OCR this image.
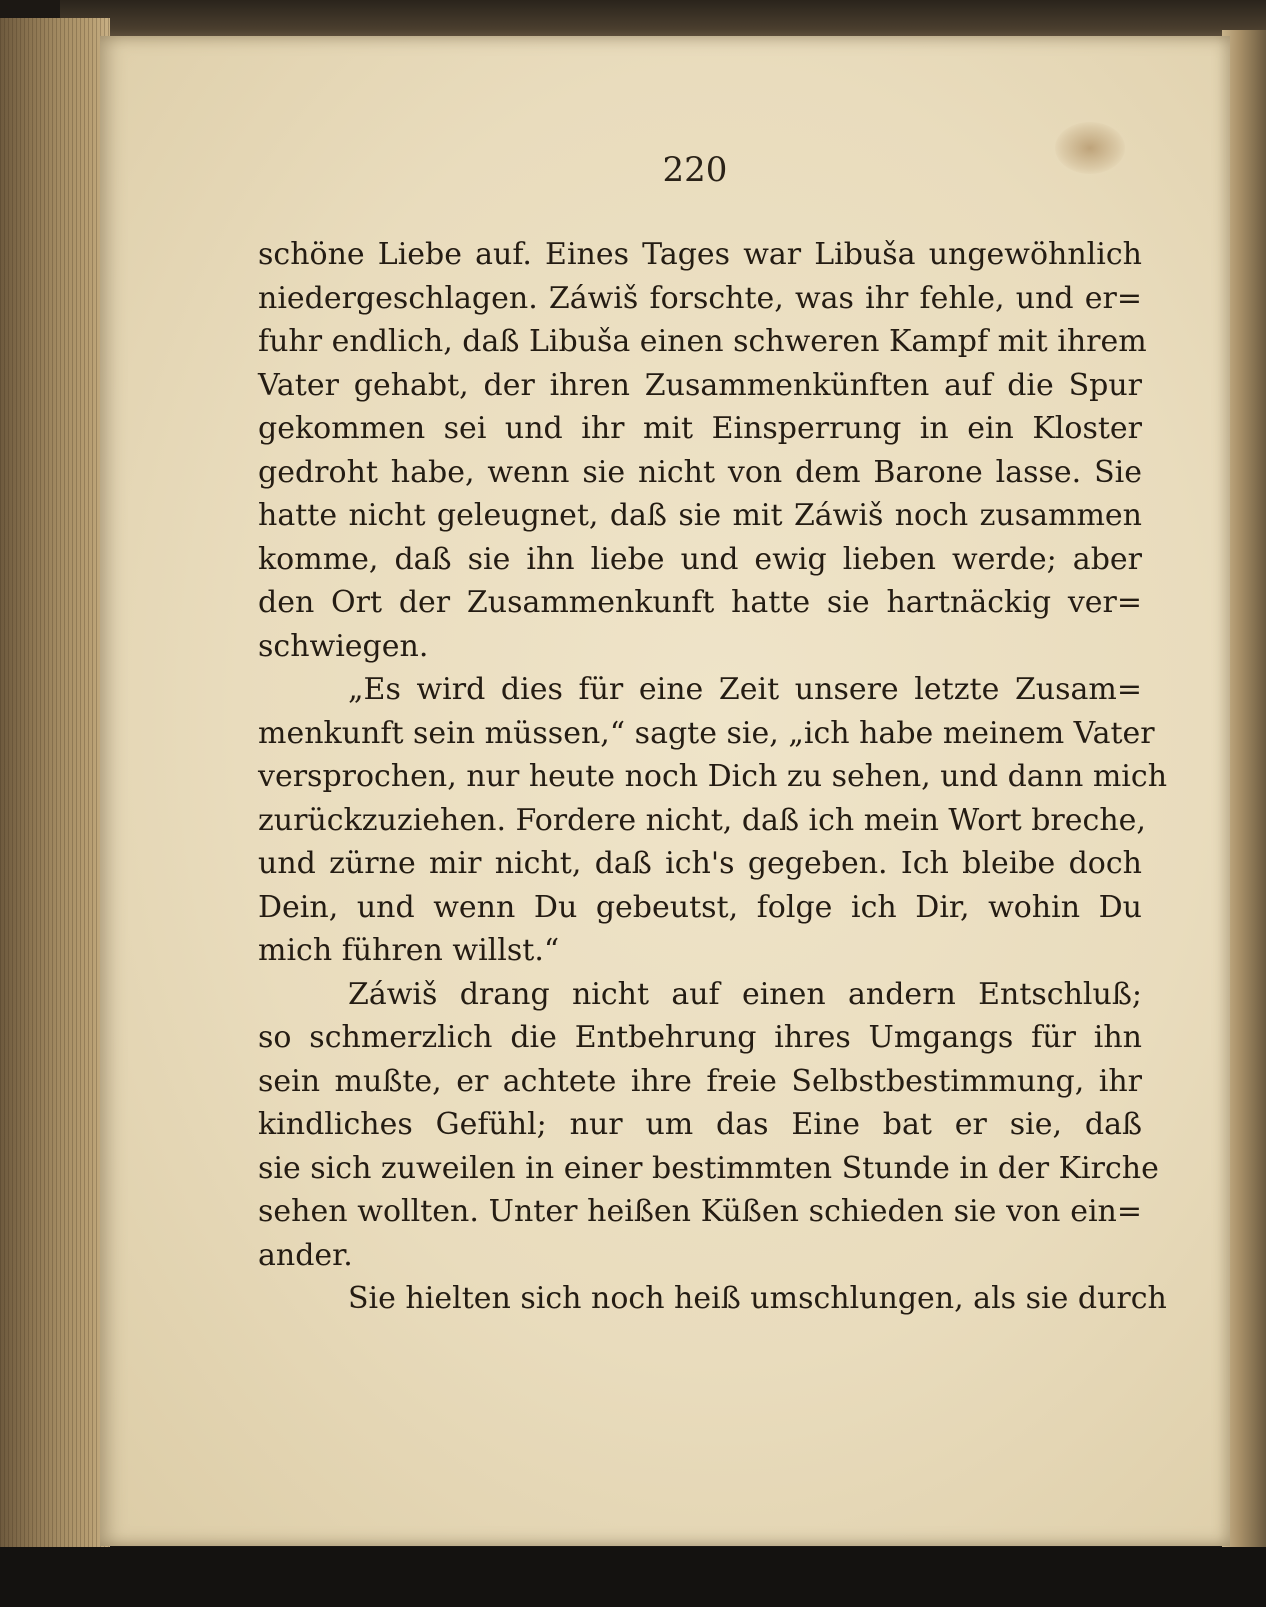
220
schöne Liebe auf. Eines Tages war Libuša ungewöhnlich
niedergeschlagen. Záwiš forschte, was ihr fehle, und er=
fuhr endlich, daß Libuša einen schweren Kampf mit ihrem
Vater gehabt, der ihren Zusammenkünften auf die Spur
gekommen sei und ihr mit Einsperrung in ein Kloster
gedroht habe, wenn sie nicht von dem Barone lasse. Sie
hatte nicht geleugnet, daß sie mit Záwiš noch zusammen
komme, daß sie ihn liebe und ewig lieben werde; aber
den Ort der Zusammenkunft hatte sie hartnäckig ver=
schwiegen.
„Es wird dies für eine Zeit unsere letzte Zusam=
menkunft sein müssen,“ sagte sie, „ich habe meinem Vater
versprochen, nur heute noch Dich zu sehen, und dann mich
zurückzuziehen. Fordere nicht, daß ich mein Wort breche,
und zürne mir nicht, daß ich's gegeben. Ich bleibe doch
Dein, und wenn Du gebeutst, folge ich Dir, wohin Du
mich führen willst.“
Záwiš drang nicht auf einen andern Entschluß;
so schmerzlich die Entbehrung ihres Umgangs für ihn
sein mußte, er achtete ihre freie Selbstbestimmung, ihr
kindliches Gefühl; nur um das Eine bat er sie, daß
sie sich zuweilen in einer bestimmten Stunde in der Kirche
sehen wollten. Unter heißen Küßen schieden sie von ein=
ander.
Sie hielten sich noch heiß umschlungen, als sie durch
